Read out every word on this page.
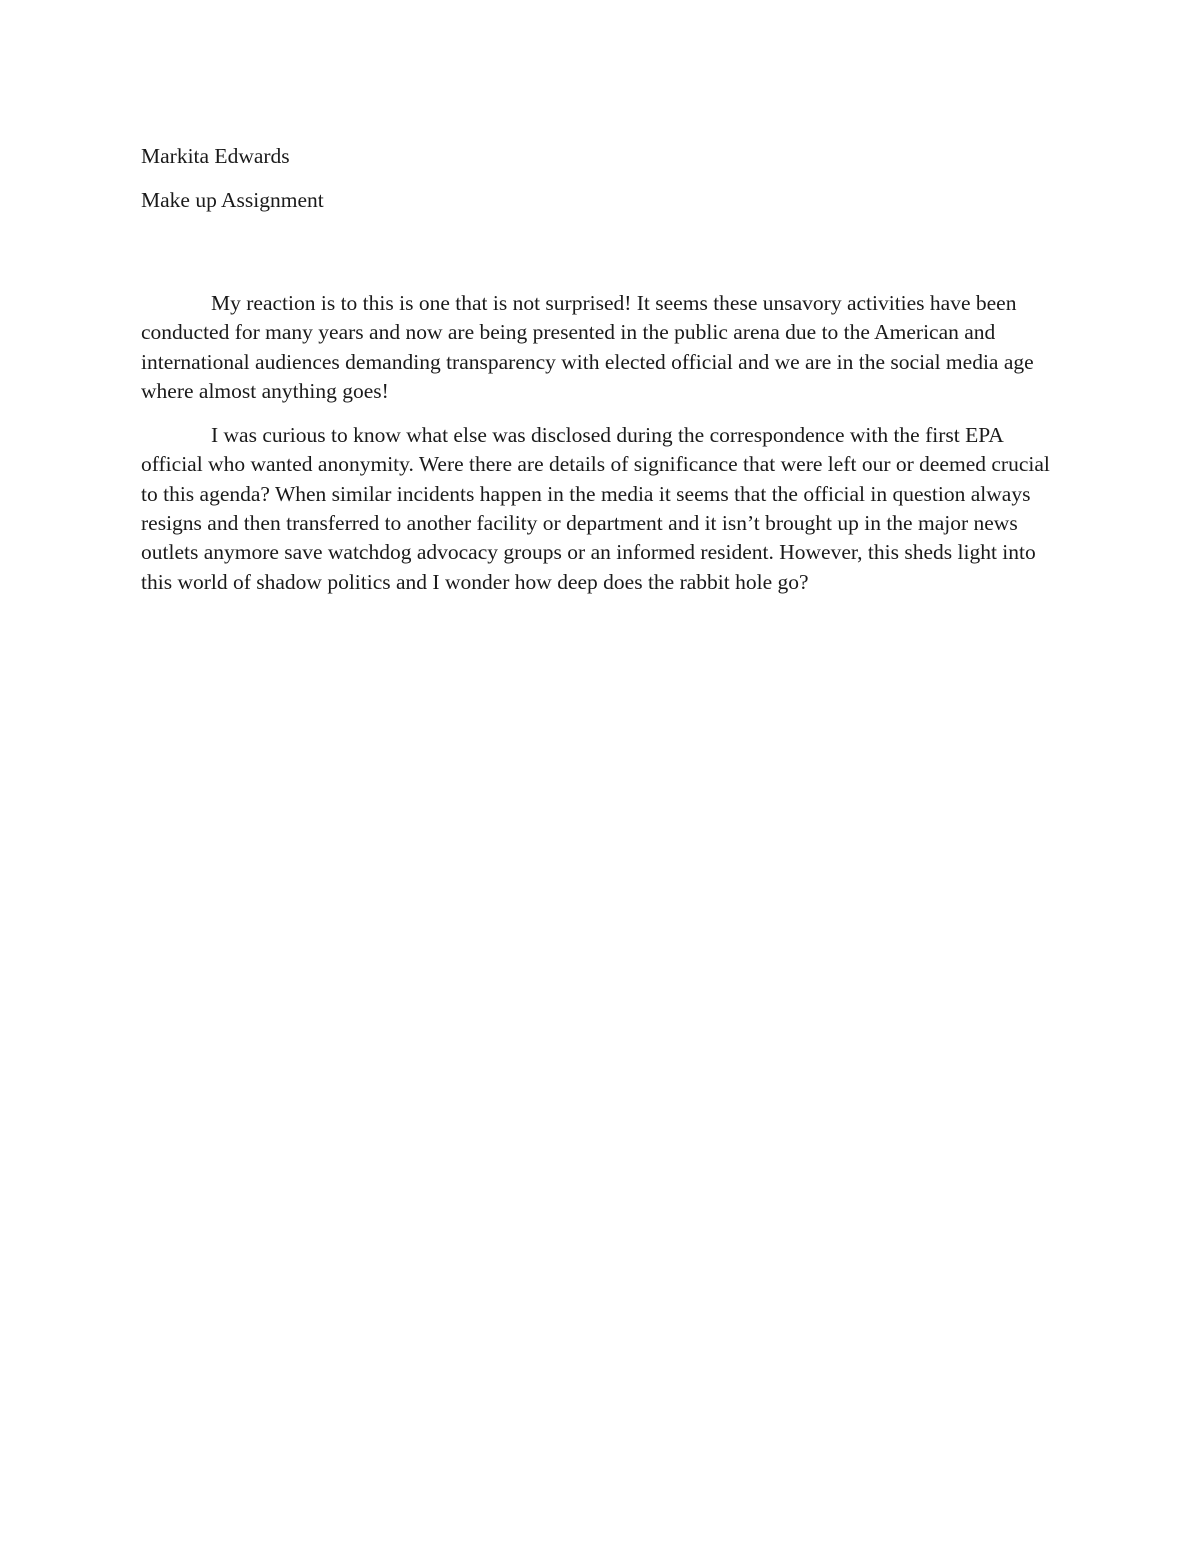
Markita Edwards

Make up Assignment

My reaction is to this is one that is not surprised! It seems these unsavory activities have been conducted for many years and now are being presented in the public arena due to the American and international audiences demanding transparency with elected official and we are in the social media age where almost anything goes!

I was curious to know what else was disclosed during the correspondence with the first EPA official who wanted anonymity. Were there are details of significance that were left our or deemed crucial to this agenda? When similar incidents happen in the media it seems that the official in question always resigns and then transferred to another facility or department and it isn’t brought up in the major news outlets anymore save watchdog advocacy groups or an informed resident. However, this sheds light into this world of shadow politics and I wonder how deep does the rabbit hole go?
